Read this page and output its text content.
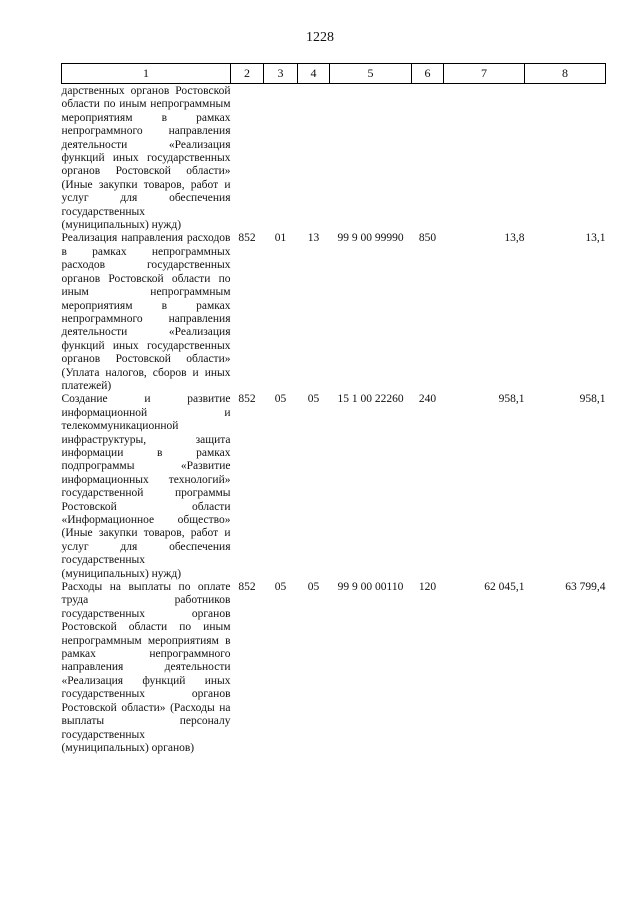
1228
1	2	3	4	5	6	7	8
дарственных органов Ростовской области по иным непрограммным мероприятиям в рамках непрограммного направления деятельности «Реализация функций иных государственных органов Ростовской области» (Иные закупки товаров, работ и услуг для обеспечения государственных (муниципальных) нужд)							
Реализация направления расходов в рамках непрограммных расходов государственных органов Ростовской области по иным непрограммным мероприятиям в рамках непрограммного направления деятельности «Реализация функций иных государственных органов Ростовской области» (Уплата налогов, сборов и иных платежей)	852	01	13	99 9 00 99990	850	13,8	13,1
Создание и развитие информационной и телекоммуникационной инфраструктуры, защита информации в рамках подпрограммы «Развитие информационных технологий» государственной программы Ростовской области «Информационное общество» (Иные закупки товаров, работ и услуг для обеспечения государственных (муниципальных) нужд)	852	05	05	15 1 00 22260	240	958,1	958,1
Расходы на выплаты по оплате труда работников государственных органов Ростовской области по иным непрограммным мероприятиям в рамках непрограммного направления деятельности «Реализация функций иных государственных органов Ростовской области» (Расходы на выплаты персоналу государственных (муниципальных) органов)	852	05	05	99 9 00 00110	120	62 045,1	63 799,4
